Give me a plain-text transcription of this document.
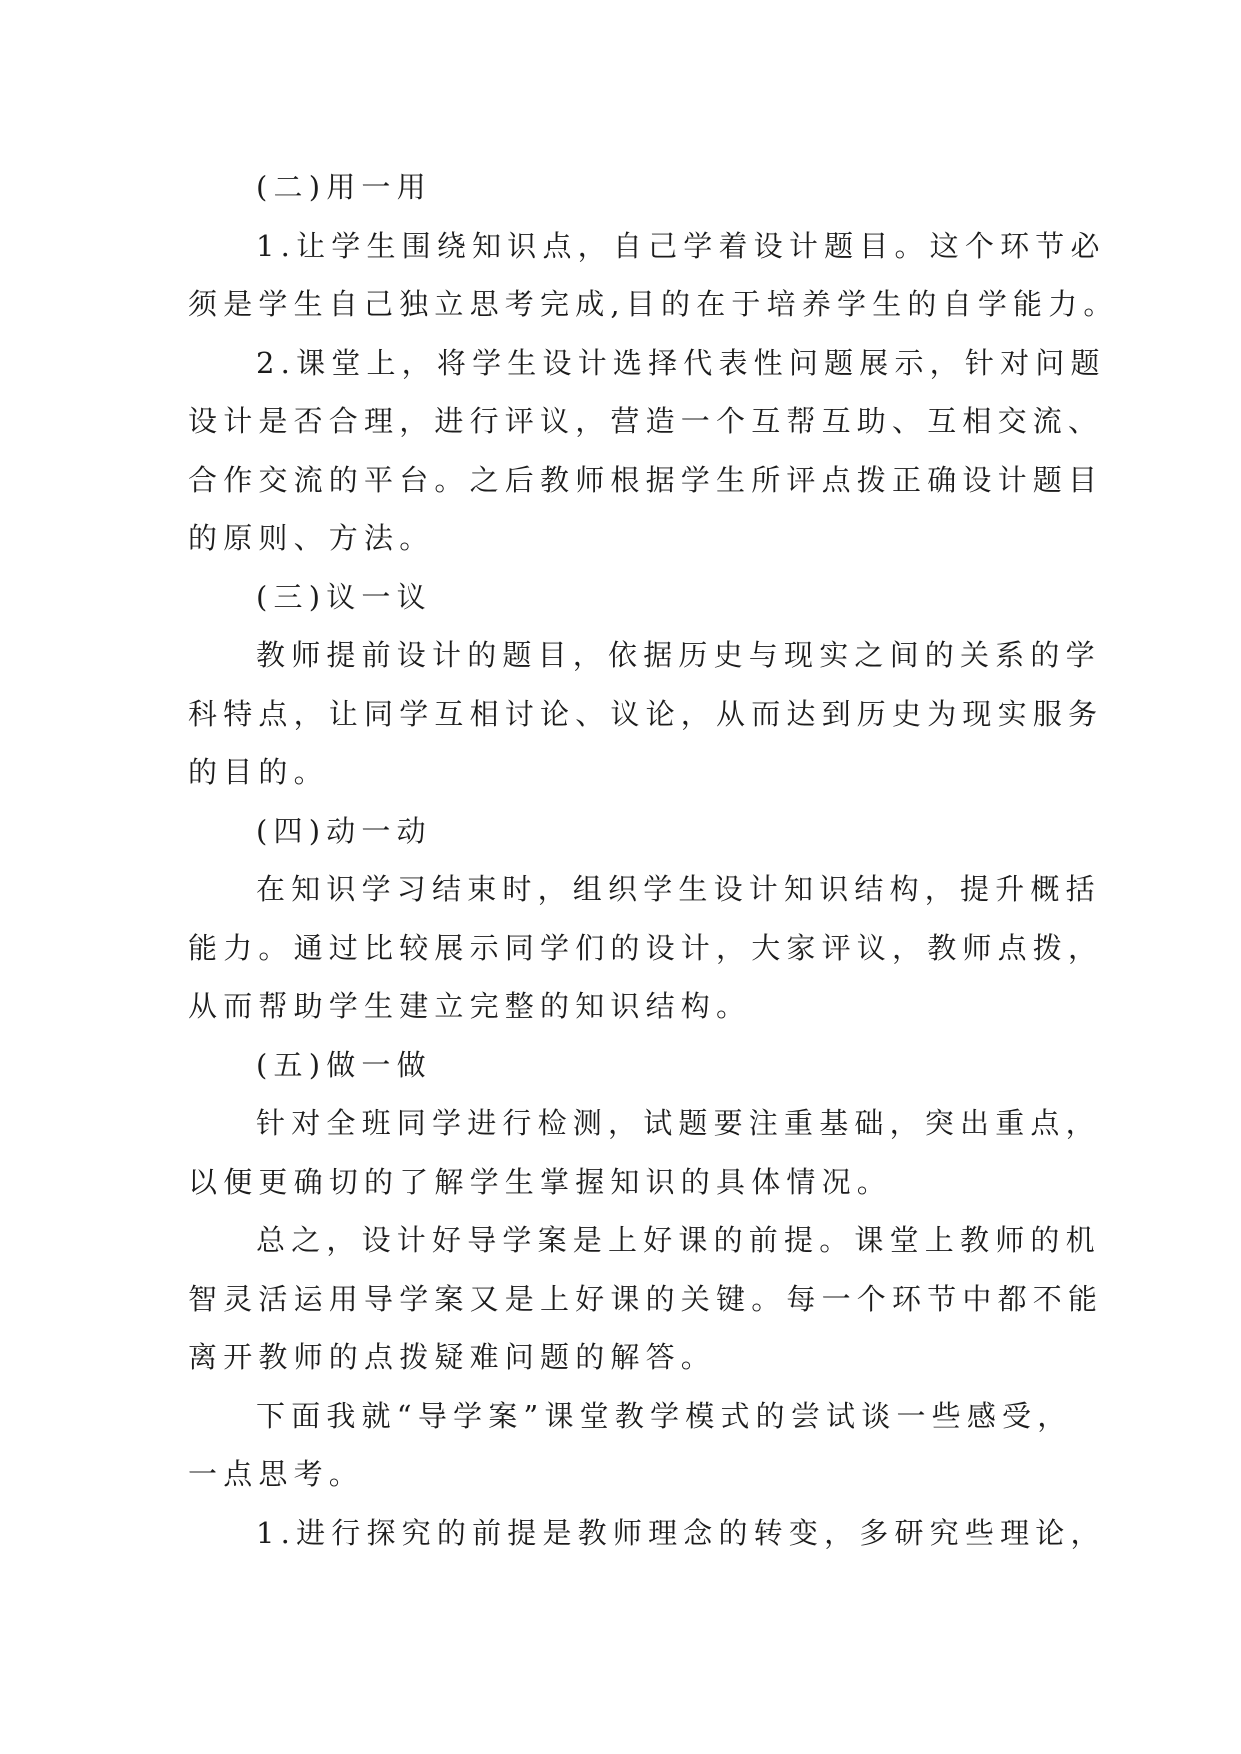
(二)用一用
1.让学生围绕知识点，自己学着设计题目。这个环节必
须是学生自己独立思考完成,目的在于培养学生的自学能力。
2.课堂上，将学生设计选择代表性问题展示，针对问题
设计是否合理，进行评议，营造一个互帮互助、互相交流、
合作交流的平台。之后教师根据学生所评点拨正确设计题目
的原则、方法。
(三)议一议
教师提前设计的题目，依据历史与现实之间的关系的学
科特点，让同学互相讨论、议论，从而达到历史为现实服务
的目的。
(四)动一动
在知识学习结束时，组织学生设计知识结构，提升概括
能力。通过比较展示同学们的设计，大家评议，教师点拨，
从而帮助学生建立完整的知识结构。
(五)做一做
针对全班同学进行检测，试题要注重基础，突出重点，
以便更确切的了解学生掌握知识的具体情况。
总之，设计好导学案是上好课的前提。课堂上教师的机
智灵活运用导学案又是上好课的关键。每一个环节中都不能
离开教师的点拨疑难问题的解答。
下面我就“导学案”课堂教学模式的尝试谈一些感受，
一点思考。
1.进行探究的前提是教师理念的转变，多研究些理论，
